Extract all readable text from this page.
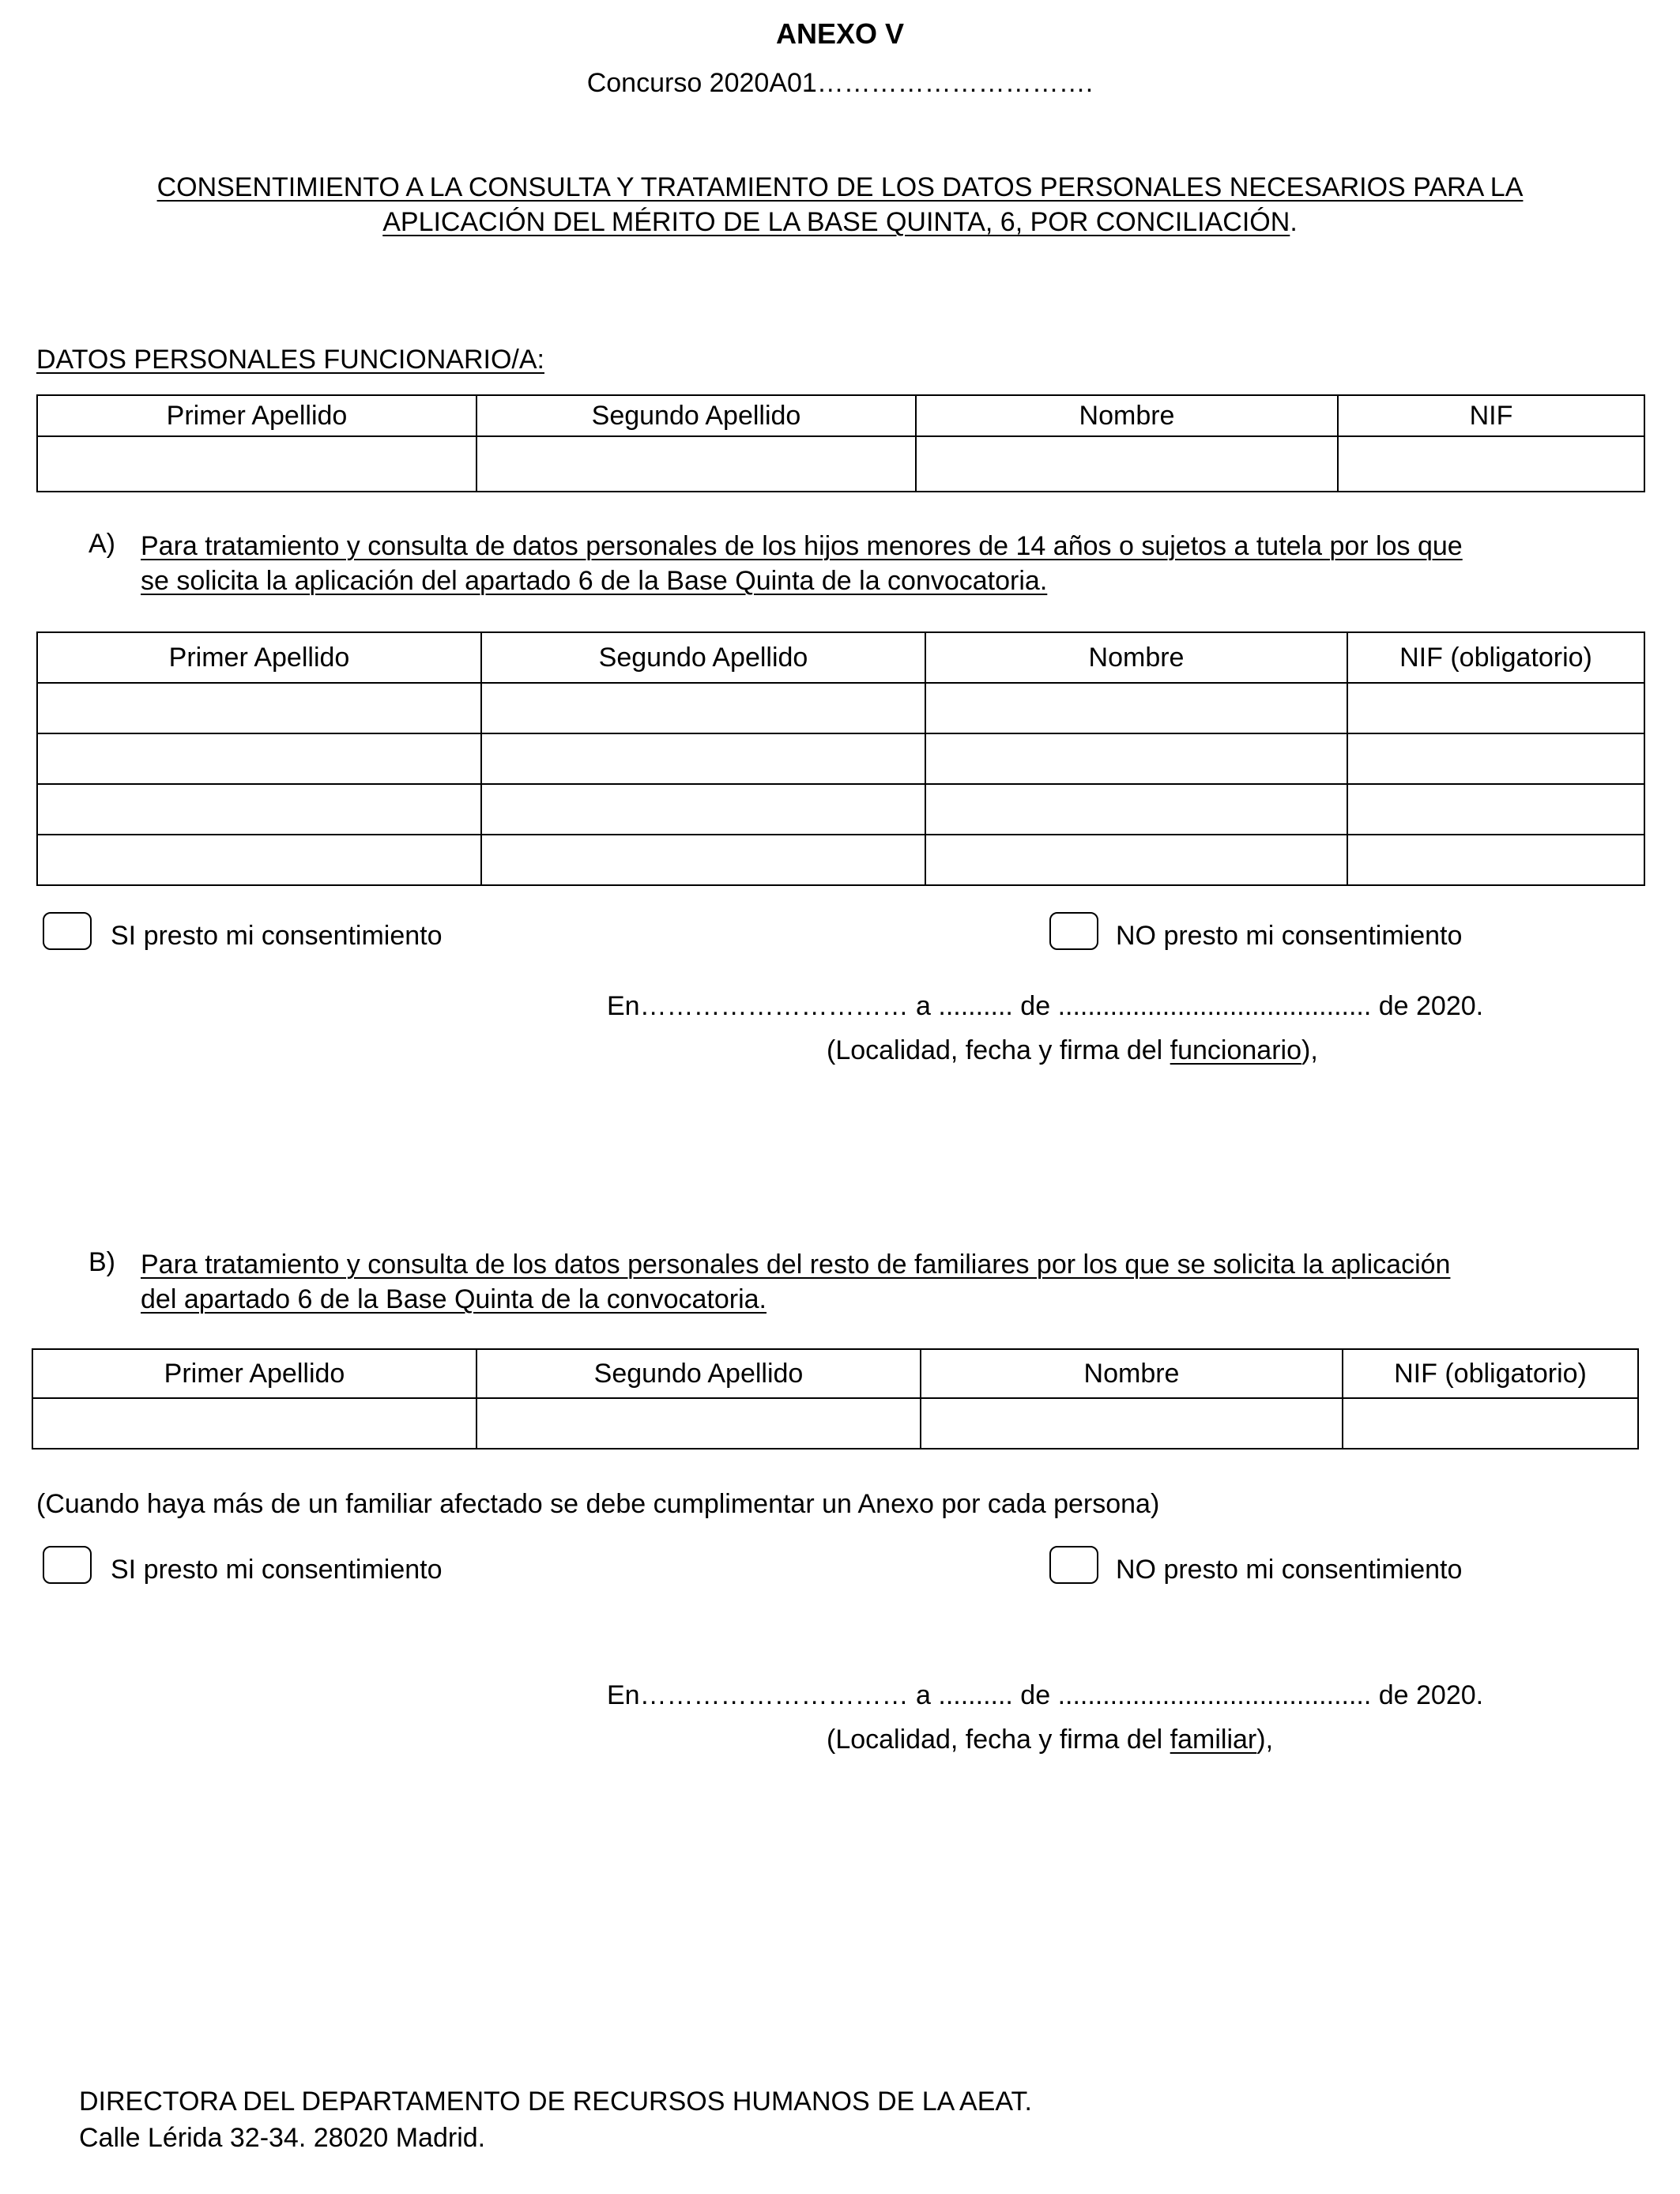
ANEXO V
Concurso 2020A01………………………….
CONSENTIMIENTO A LA CONSULTA Y TRATAMIENTO DE LOS DATOS PERSONALES NECESARIOS PARA LA
APLICACIÓN DEL MÉRITO DE LA BASE QUINTA, 6, POR CONCILIACIÓN.
DATOS PERSONALES FUNCIONARIO/A:
Primer Apellido	Segundo Apellido	Nombre	NIF

A) Para tratamiento y consulta de datos personales de los hijos menores de 14 años o sujetos a tutela por los que
se solicita la aplicación del apartado 6 de la Base Quinta de la convocatoria.
Primer Apellido	Segundo Apellido	Nombre	NIF (obligatorio)

SI presto mi consentimiento	NO presto mi consentimiento
En………………………… a .......... de .......................................... de 2020.
(Localidad, fecha y firma del funcionario),
B) Para tratamiento y consulta de los datos personales del resto de familiares por los que se solicita la aplicación
del apartado 6 de la Base Quinta de la convocatoria.
Primer Apellido	Segundo Apellido	Nombre	NIF (obligatorio)

(Cuando haya más de un familiar afectado se debe cumplimentar un Anexo por cada persona)
SI presto mi consentimiento	NO presto mi consentimiento
En………………………… a .......... de .......................................... de 2020.
(Localidad, fecha y firma del familiar),
DIRECTORA DEL DEPARTAMENTO DE RECURSOS HUMANOS DE LA AEAT.
Calle Lérida 32-34. 28020 Madrid.
